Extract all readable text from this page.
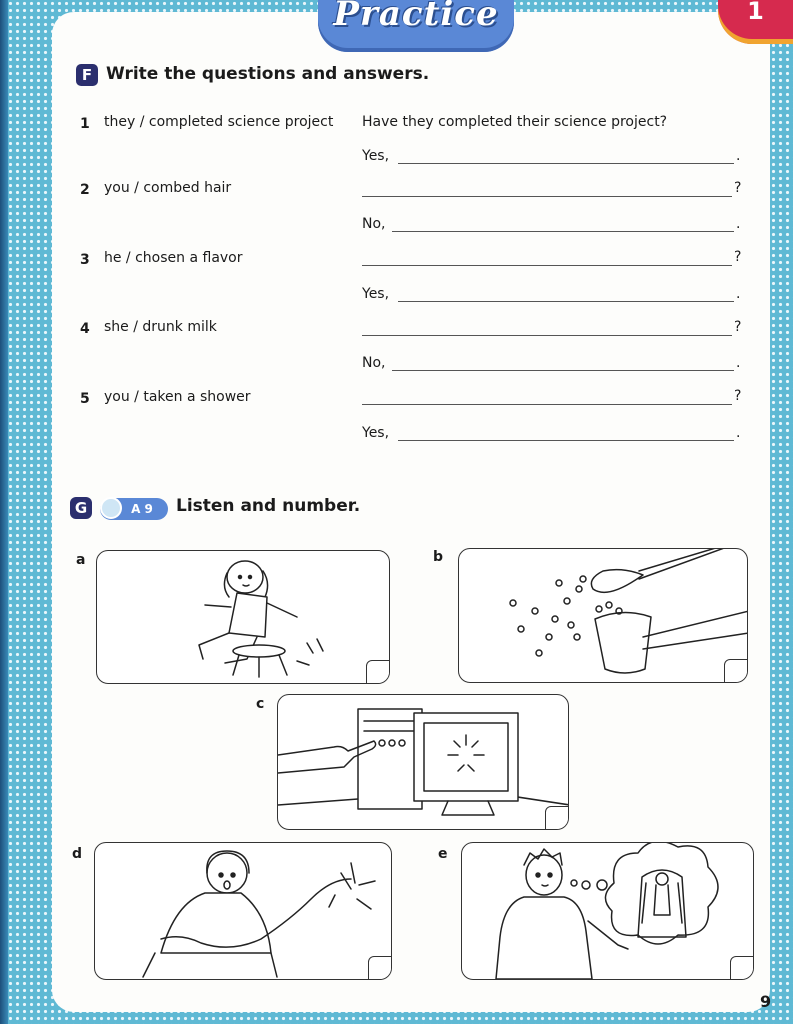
Practice	1
F Write the questions and answers.
1 they / completed science project Have they completed their science project?
Yes,	.
2 you / combed hair	?
No,	.
3 he / chosen a flavor	?
Yes,	.
4 she / drunk milk	?
No,	.
5 you / taken a shower	?
Yes,	.
G	A 9	Listen and number.
a	b
c
d	e
9
